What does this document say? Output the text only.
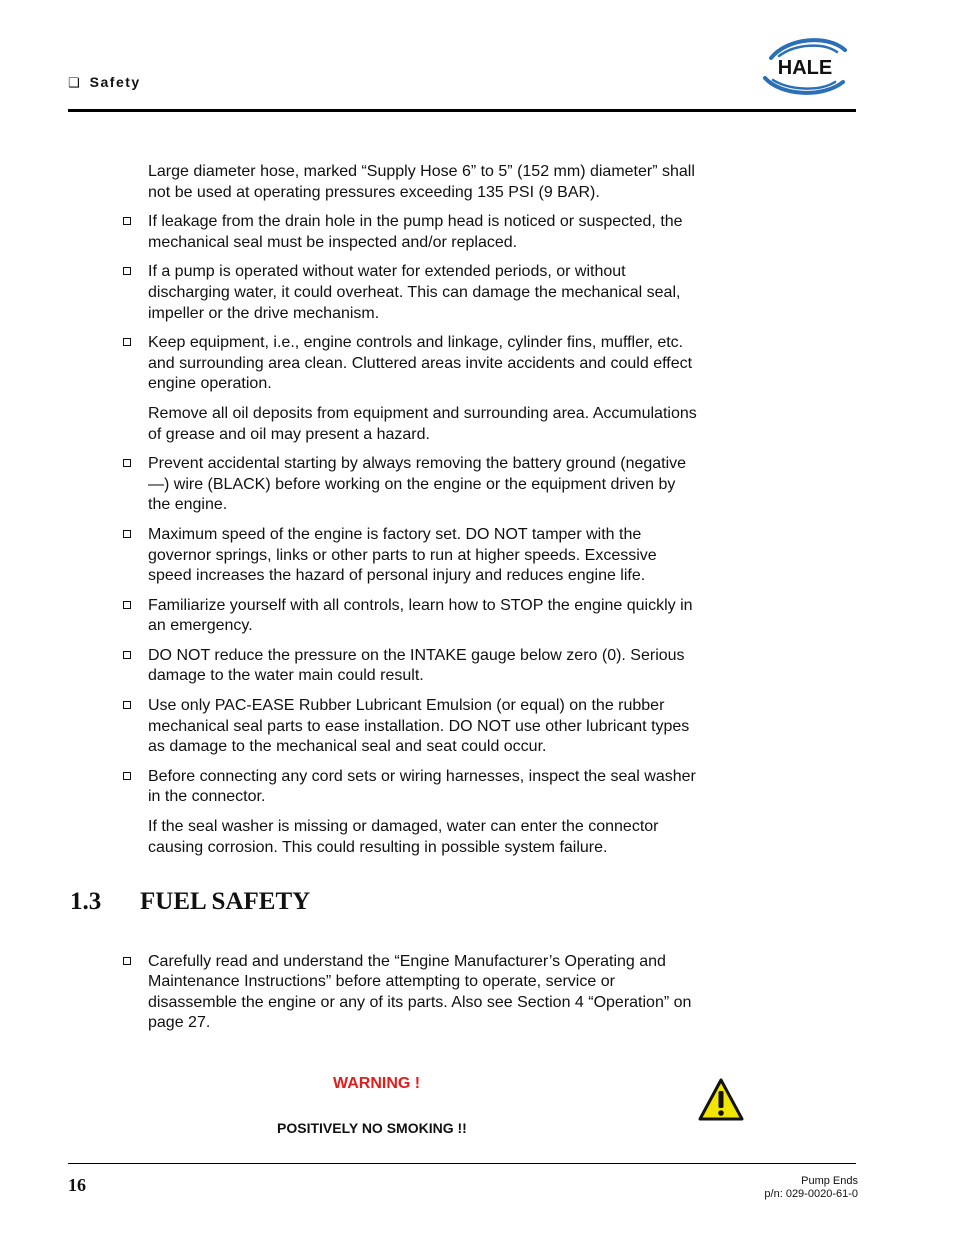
❑ Safety
HALE

Large diameter hose, marked “Supply Hose 6” to 5” (152 mm) diameter” shall not be used at operating pressures exceeding 135 PSI (9 BAR).

If leakage from the drain hole in the pump head is noticed or suspected, the mechanical seal must be inspected and/or replaced.

If a pump is operated without water for extended periods, or without discharging water, it could overheat. This can damage the mechanical seal, impeller or the drive mechanism.

Keep equipment, i.e., engine controls and linkage, cylinder fins, muffler, etc. and surrounding area clean. Cluttered areas invite accidents and could effect engine operation.

Remove all oil deposits from equipment and surrounding area. Accumulations of grease and oil may present a hazard.

Prevent accidental starting by always removing the battery ground (negative —) wire (BLACK) before working on the engine or the equipment driven by the engine.

Maximum speed of the engine is factory set. DO NOT tamper with the governor springs, links or other parts to run at higher speeds. Excessive speed increases the hazard of personal injury and reduces engine life.

Familiarize yourself with all controls, learn how to STOP the engine quickly in an emergency.

DO NOT reduce the pressure on the INTAKE gauge below zero (0). Serious damage to the water main could result.

Use only PAC-EASE Rubber Lubricant Emulsion (or equal) on the rubber mechanical seal parts to ease installation. DO NOT use other lubricant types as damage to the mechanical seal and seat could occur.

Before connecting any cord sets or wiring harnesses, inspect the seal washer in the connector.

If the seal washer is missing or damaged, water can enter the connector causing corrosion. This could resulting in possible system failure.

1.3 FUEL SAFETY

Carefully read and understand the “Engine Manufacturer’s Operating and Maintenance Instructions” before attempting to operate, service or disassemble the engine or any of its parts. Also see Section 4 “Operation” on page 27.

WARNING !
POSITIVELY NO SMOKING !!
16	Pump Ends
p/n: 029-0020-61-0
